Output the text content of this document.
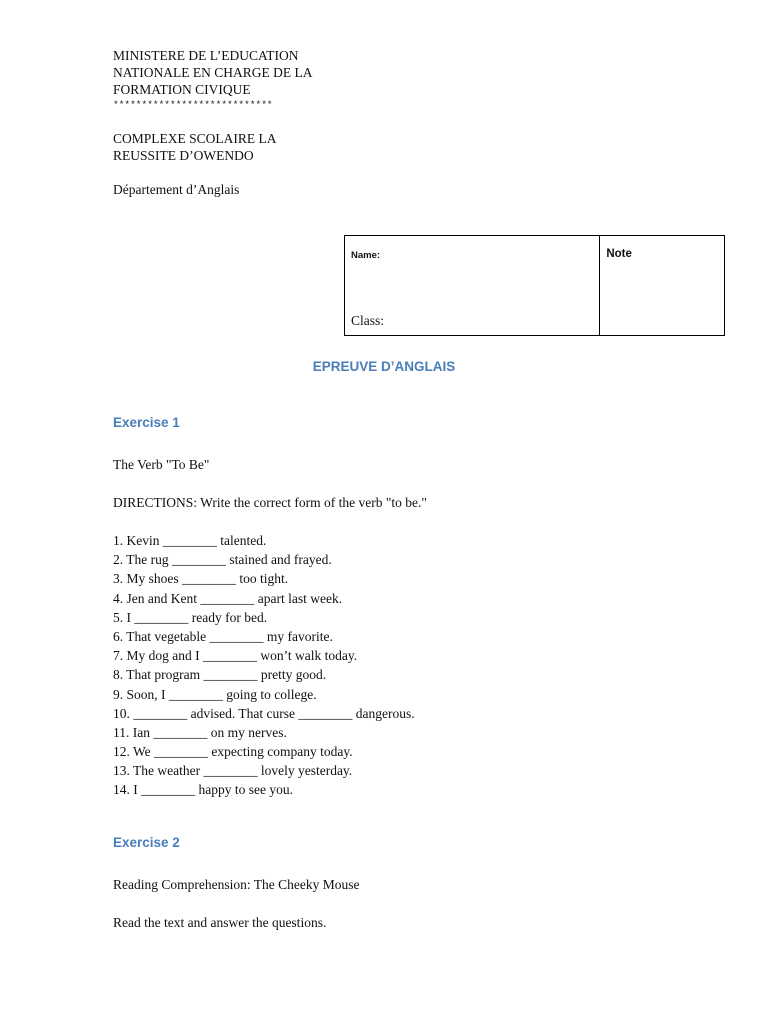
MINISTERE DE L’EDUCATION
NATIONALE EN CHARGE DE LA
FORMATION CIVIQUE
****************************
COMPLEXE SCOLAIRE LA
REUSSITE D’OWENDO
Département d’Anglais
Name:
Class:

Note
EPREUVE D’ANGLAIS
Exercise 1
The Verb "To Be"
DIRECTIONS: Write the correct form of the verb "to be."
1. Kevin ________ talented.
2. The rug ________ stained and frayed.
3. My shoes ________ too tight.
4. Jen and Kent ________ apart last week.
5. I ________ ready for bed.
6. That vegetable ________ my favorite.
7. My dog and I ________ won’t walk today.
8. That program ________ pretty good.
9. Soon, I ________ going to college.
10. ________ advised. That curse ________ dangerous.
11. Ian ________ on my nerves.
12. We ________ expecting company today.
13. The weather ________ lovely yesterday.
14. I ________ happy to see you.
Exercise 2
Reading Comprehension: The Cheeky Mouse
Read the text and answer the questions.
